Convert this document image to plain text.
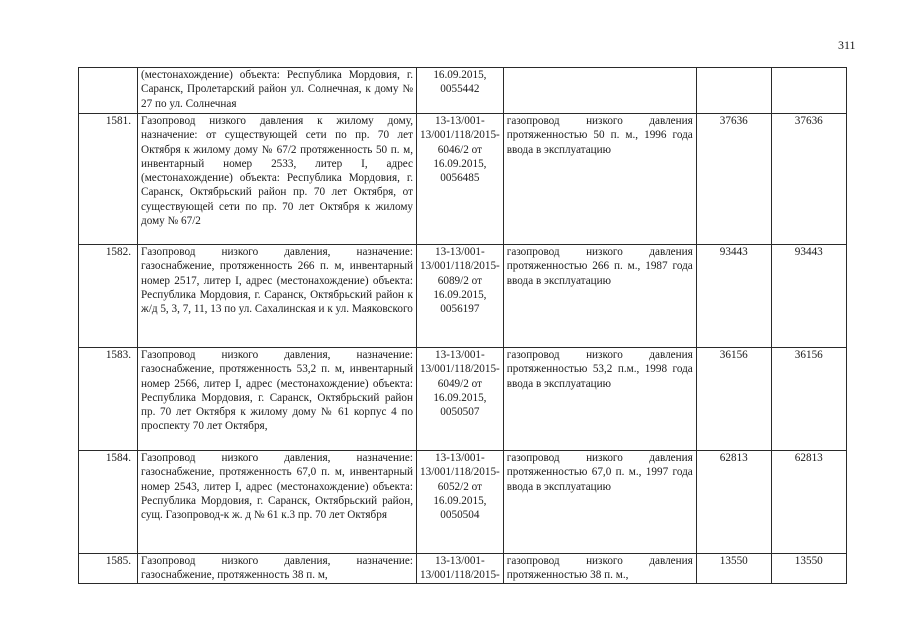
311
	(местонахождение) объекта: Республика Мордовия, г. Саранск, Пролетарский район ул. Солнечная, к дому № 27 по ул. Солнечная	16.09.2015, 0055442			
1581.	Газопровод низкого давления к жилому дому, назначение: от существующей сети по пр. 70 лет Октября к жилому дому № 67/2 протяженность 50 п. м, инвентарный номер 2533, литер I, адрес (местонахождение) объекта: Республика Мордовия, г. Саранск, Октябрьский район пр. 70 лет Октября, от существующей сети по пр. 70 лет Октября к жилому дому № 67/2	13-13/001-13/001/118/2015-6046/2 от 16.09.2015, 0056485	газопровод низкого давления протяженностью 50 п. м., 1996 года ввода в эксплуатацию	37636	37636
1582.	Газопровод низкого давления, назначение: газоснабжение, протяженность 266 п. м, инвентарный номер 2517, литер I, адрес (местонахождение) объекта: Республика Мордовия, г. Саранск, Октябрьский район к ж/д 5, 3, 7, 11, 13 по ул. Сахалинская и к ул. Маяковского	13-13/001-13/001/118/2015-6089/2 от 16.09.2015, 0056197	газопровод низкого давления протяженностью 266 п. м., 1987 года ввода в эксплуатацию	93443	93443
1583.	Газопровод низкого давления, назначение: газоснабжение, протяженность 53,2 п. м, инвентарный номер 2566, литер I, адрес (местонахождение) объекта: Республика Мордовия, г. Саранск, Октябрьский район пр. 70 лет Октября к жилому дому № 61 корпус 4 по проспекту 70 лет Октября,	13-13/001-13/001/118/2015-6049/2 от 16.09.2015, 0050507	газопровод низкого давления протяженностью 53,2 п.м., 1998 года ввода в эксплуатацию	36156	36156
1584.	Газопровод низкого давления, назначение: газоснабжение, протяженность 67,0 п. м, инвентарный номер 2543, литер I, адрес (местонахождение) объекта: Республика Мордовия, г. Саранск, Октябрьский район, сущ. Газопровод-к ж. д № 61 к.3 пр. 70 лет Октября	13-13/001-13/001/118/2015-6052/2 от 16.09.2015, 0050504	газопровод низкого давления протяженностью 67,0 п. м., 1997 года ввода в эксплуатацию	62813	62813
1585.	Газопровод низкого давления, назначение: газоснабжение, протяженность 38 п. м,	13-13/001-13/001/118/2015-	газопровод низкого давления протяженностью 38 п. м.,	13550	13550
